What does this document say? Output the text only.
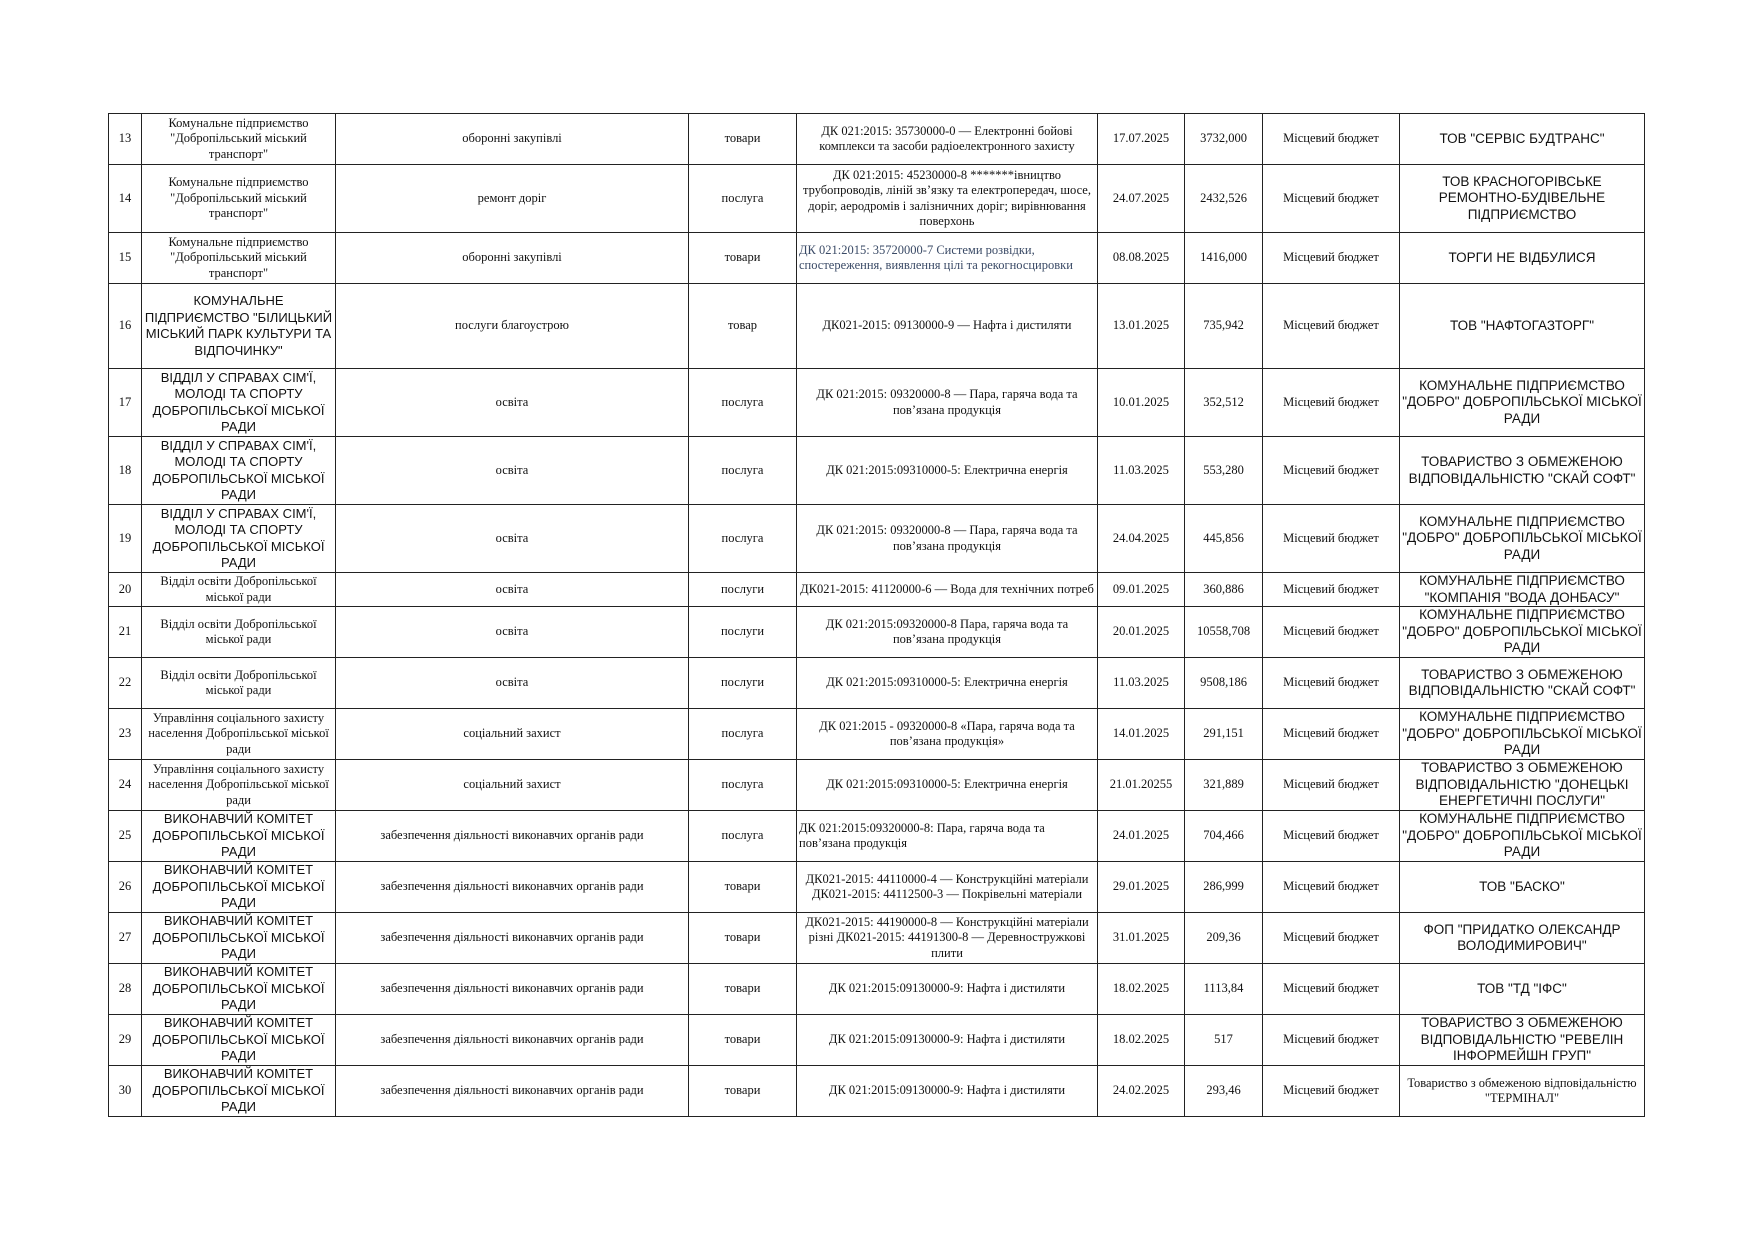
13	Комунальне підприємство "Добропільський міський транспорт"	оборонні закупівлі	товари	ДК 021:2015: 35730000-0 — Електронні бойові комплекси та засоби радіоелектронного захисту	17.07.2025	3732,000	Місцевий бюджет	ТОВ "СЕРВІС БУДТРАНС"
14	Комунальне підприємство "Добропільський міський транспорт"	ремонт доріг	послуга	ДК 021:2015: 45230000-8 *******івництво трубопроводів, ліній зв’язку та електропередач, шосе, доріг, аеродромів і залізничних доріг; вирівнювання поверхонь	24.07.2025	2432,526	Місцевий бюджет	ТОВ КРАСНОГОРІВСЬКЕ РЕМОНТНО-БУДІВЕЛЬНЕ ПІДПРИЄМСТВО
15	Комунальне підприємство "Добропільський міський транспорт"	оборонні закупівлі	товари	ДК 021:2015: 35720000-7 Системи розвідки, спостереження, виявлення цілі та рекогносцировки	08.08.2025	1416,000	Місцевий бюджет	ТОРГИ НЕ ВІДБУЛИСЯ
16	КОМУНАЛЬНЕ ПІДПРИЄМСТВО "БІЛИЦЬКИЙ МІСЬКИЙ ПАРК КУЛЬТУРИ ТА ВІДПОЧИНКУ"	послуги благоустрою	товар	ДК021-2015: 09130000-9 — Нафта і дистиляти	13.01.2025	735,942	Місцевий бюджет	ТОВ "НАФТОГАЗТОРГ"
17	ВІДДІЛ У СПРАВАХ СІМ'Ї, МОЛОДІ ТА СПОРТУ ДОБРОПІЛЬСЬКОЇ МІСЬКОЇ РАДИ	освіта	послуга	ДК 021:2015: 09320000-8 — Пара, гаряча вода та пов’язана продукція	10.01.2025	352,512	Місцевий бюджет	КОМУНАЛЬНЕ ПІДПРИЄМСТВО "ДОБРО" ДОБРОПІЛЬСЬКОЇ МІСЬКОЇ РАДИ
18	ВІДДІЛ У СПРАВАХ СІМ'Ї, МОЛОДІ ТА СПОРТУ ДОБРОПІЛЬСЬКОЇ МІСЬКОЇ РАДИ	освіта	послуга	ДК 021:2015:09310000-5: Електрична енергія	11.03.2025	553,280	Місцевий бюджет	ТОВАРИСТВО З ОБМЕЖЕНОЮ ВІДПОВІДАЛЬНІСТЮ "СКАЙ СОФТ"
19	ВІДДІЛ У СПРАВАХ СІМ'Ї, МОЛОДІ ТА СПОРТУ ДОБРОПІЛЬСЬКОЇ МІСЬКОЇ РАДИ	освіта	послуга	ДК 021:2015: 09320000-8 — Пара, гаряча вода та пов’язана продукція	24.04.2025	445,856	Місцевий бюджет	КОМУНАЛЬНЕ ПІДПРИЄМСТВО "ДОБРО" ДОБРОПІЛЬСЬКОЇ МІСЬКОЇ РАДИ
20	Відділ освіти Добропільської міської ради	освіта	послуги	ДК021-2015: 41120000-6 — Вода для технічних потреб	09.01.2025	360,886	Місцевий бюджет	КОМУНАЛЬНЕ ПІДПРИЄМСТВО "КОМПАНІЯ "ВОДА ДОНБАСУ"
21	Відділ освіти Добропільської міської ради	освіта	послуги	ДК 021:2015:09320000-8 Пара, гаряча вода та пов’язана продукція	20.01.2025	10558,708	Місцевий бюджет	КОМУНАЛЬНЕ ПІДПРИЄМСТВО "ДОБРО" ДОБРОПІЛЬСЬКОЇ МІСЬКОЇ РАДИ
22	Відділ освіти Добропільської міської ради	освіта	послуги	ДК 021:2015:09310000-5: Електрична енергія	11.03.2025	9508,186	Місцевий бюджет	ТОВАРИСТВО З ОБМЕЖЕНОЮ ВІДПОВІДАЛЬНІСТЮ "СКАЙ СОФТ"
23	Управління соціального захисту населення Добропільської міської ради	соціальний захист	послуга	ДК 021:2015 - 09320000-8 «Пара, гаряча вода та пов’язана продукція»	14.01.2025	291,151	Місцевий бюджет	КОМУНАЛЬНЕ ПІДПРИЄМСТВО "ДОБРО" ДОБРОПІЛЬСЬКОЇ МІСЬКОЇ РАДИ
24	Управління соціального захисту населення Добропільської міської ради	соціальний захист	послуга	ДК 021:2015:09310000-5: Електрична енергія	21.01.20255	321,889	Місцевий бюджет	ТОВАРИСТВО З ОБМЕЖЕНОЮ ВІДПОВІДАЛЬНІСТЮ "ДОНЕЦЬКІ ЕНЕРГЕТИЧНІ ПОСЛУГИ"
25	ВИКОНАВЧИЙ КОМІТЕТ ДОБРОПІЛЬСЬКОЇ МІСЬКОЇ РАДИ	забезпечення діяльності виконавчих органів ради	послуга	ДК 021:2015:09320000-8: Пара, гаряча вода та пов’язана продукція	24.01.2025	704,466	Місцевий бюджет	КОМУНАЛЬНЕ ПІДПРИЄМСТВО "ДОБРО" ДОБРОПІЛЬСЬКОЇ МІСЬКОЇ РАДИ
26	ВИКОНАВЧИЙ КОМІТЕТ ДОБРОПІЛЬСЬКОЇ МІСЬКОЇ РАДИ	забезпечення діяльності виконавчих органів ради	товари	ДК021-2015: 44110000-4 — Конструкційні матеріали ДК021-2015: 44112500-3 — Покрівельні матеріали	29.01.2025	286,999	Місцевий бюджет	ТОВ "БАСКО"
27	ВИКОНАВЧИЙ КОМІТЕТ ДОБРОПІЛЬСЬКОЇ МІСЬКОЇ РАДИ	забезпечення діяльності виконавчих органів ради	товари	ДК021-2015: 44190000-8 — Конструкційні матеріали різні ДК021-2015: 44191300-8 — Деревностружкові плити	31.01.2025	209,36	Місцевий бюджет	ФОП "ПРИДАТКО ОЛЕКСАНДР ВОЛОДИМИРОВИЧ"
28	ВИКОНАВЧИЙ КОМІТЕТ ДОБРОПІЛЬСЬКОЇ МІСЬКОЇ РАДИ	забезпечення діяльності виконавчих органів ради	товари	ДК 021:2015:09130000-9: Нафта і дистиляти	18.02.2025	1113,84	Місцевий бюджет	ТОВ "ТД "ІФС"
29	ВИКОНАВЧИЙ КОМІТЕТ ДОБРОПІЛЬСЬКОЇ МІСЬКОЇ РАДИ	забезпечення діяльності виконавчих органів ради	товари	ДК 021:2015:09130000-9: Нафта і дистиляти	18.02.2025	517	Місцевий бюджет	ТОВАРИСТВО З ОБМЕЖЕНОЮ ВІДПОВІДАЛЬНІСТЮ "РЕВЕЛІН ІНФОРМЕЙШН ГРУП"
30	ВИКОНАВЧИЙ КОМІТЕТ ДОБРОПІЛЬСЬКОЇ МІСЬКОЇ РАДИ	забезпечення діяльності виконавчих органів ради	товари	ДК 021:2015:09130000-9: Нафта і дистиляти	24.02.2025	293,46	Місцевий бюджет	Товариство з обмеженою відповідальністю "ТЕРМІНАЛ"
